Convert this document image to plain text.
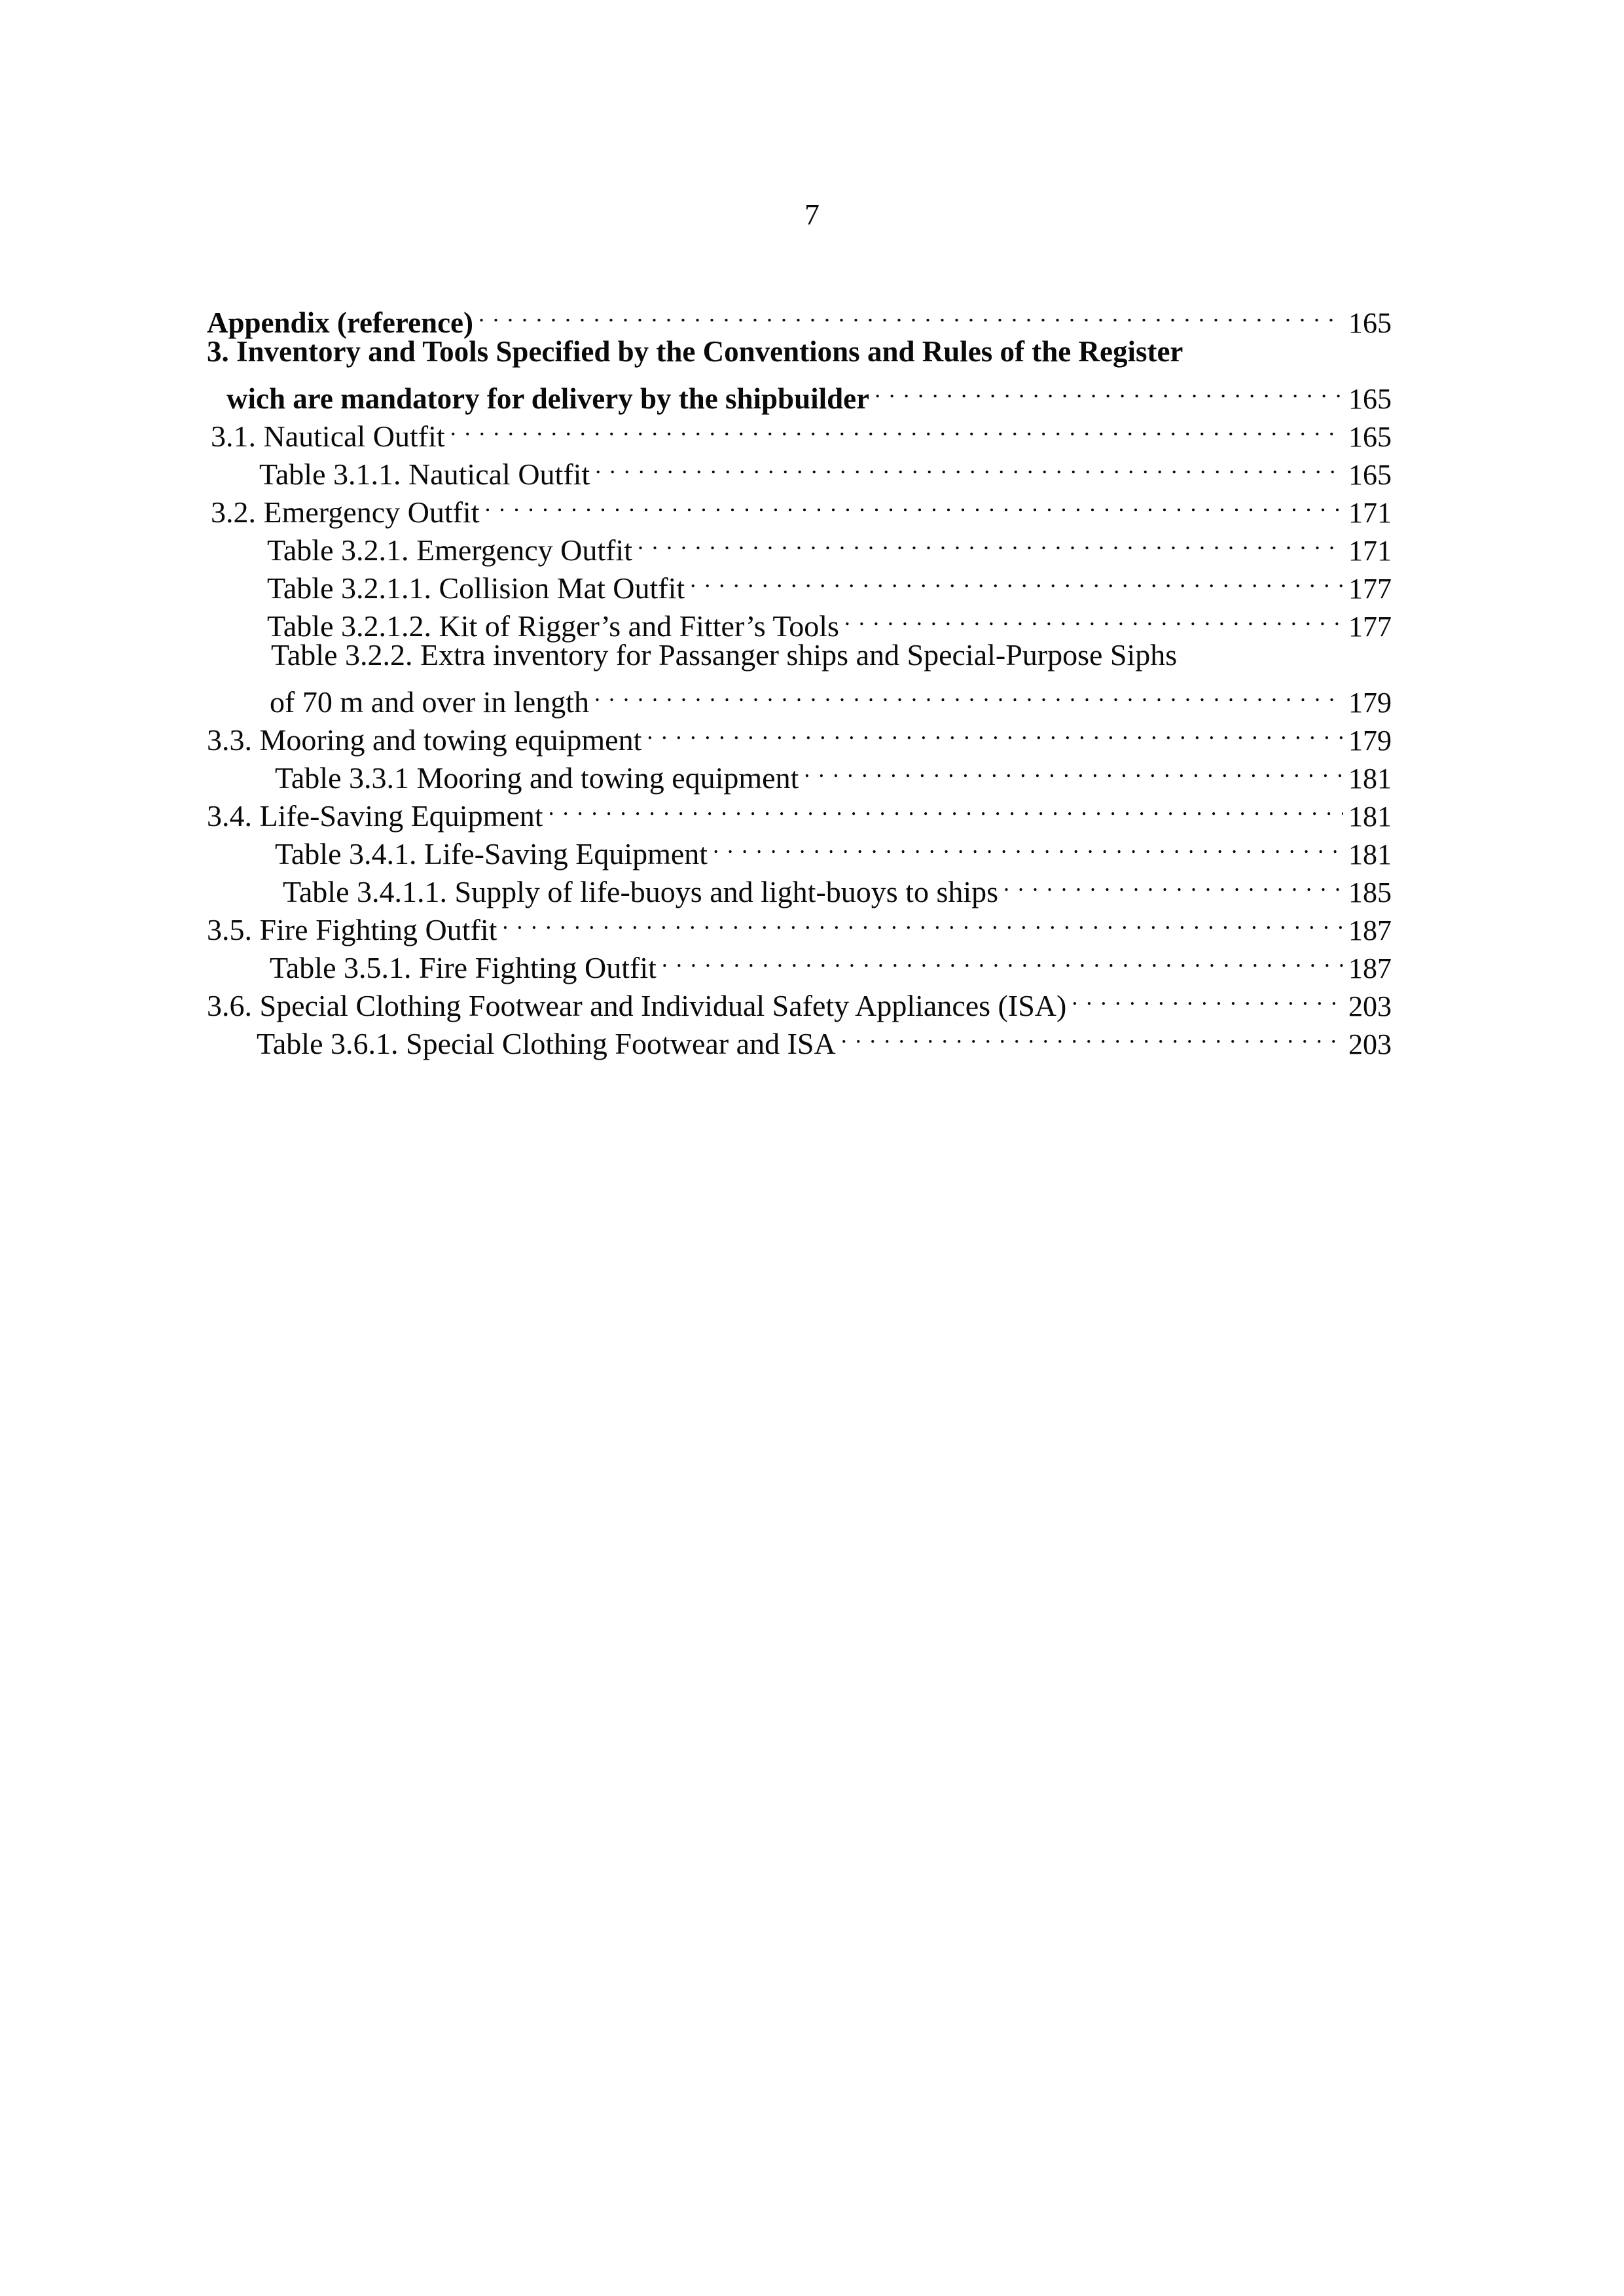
7
Appendix (reference) . . .	165
3. Inventory and Tools Specified by the Conventions and Rules of the Register
wich are mandatory for delivery by the shipbuilder . . .	165
3.1. Nautical Outfit . . .	165
Table 3.1.1. Nautical Outfit . . .	165
3.2. Emergency Outfit . . .	171
Table 3.2.1. Emergency Outfit . . .	171
Table 3.2.1.1. Collision Mat Outfit . . .	177
Table 3.2.1.2. Kit of Rigger’s and Fitter’s Tools . . .	177
Table 3.2.2. Extra inventory for Passanger ships and Special-Purpose Siphs
of 70 m and over in length . . .	179
3.3. Mooring and towing equipment . . .	179
Table 3.3.1 Mooring and towing equipment . . .	181
3.4. Life-Saving Equipment . . .	181
Table 3.4.1. Life-Saving Equipment . . .	181
Table 3.4.1.1. Supply of life-buoys and light-buoys to ships . . .	185
3.5. Fire Fighting Outfit . . .	187
Table 3.5.1. Fire Fighting Outfit . . .	187
3.6. Special Clothing Footwear and Individual Safety Appliances (ISA) . . .	203
Table 3.6.1. Special Clothing Footwear and ISA . . .	203
